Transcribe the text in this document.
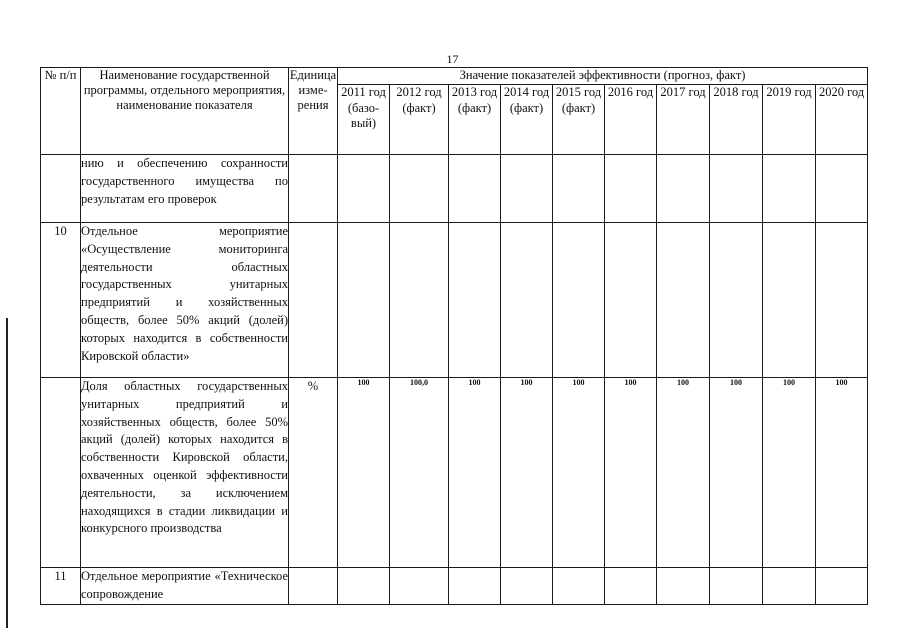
17
№ п/п	Наименование государственной программы, отдельного мероприятия, наименование показателя	Единица изме-рения	Значение показателей эффективности (прогноз, факт)									
			2011 год (базо-вый)	2012 год (факт)	2013 год (факт)	2014 год (факт)	2015 год (факт)	2016 год	2017 год	2018 год	2019 год	2020 год
	нию и обеспечению сохранности государственного имущества по результатам его проверок											
10	Отдельное мероприятие «Осуществление мониторинга деятельности областных государственных унитарных предприятий и хозяйственных обществ, более 50% акций (долей) которых находится в собственности Кировской области»											
	Доля областных государственных унитарных предприятий и хозяйственных обществ, более 50% акций (долей) которых находится в собственности Кировской области, охваченных оценкой эффективности деятельности, за исключением находящихся в стадии ликвидации и конкурсного производства	%	100	100,0	100	100	100	100	100	100	100	100
11	Отдельное мероприятие «Техническое сопровождение											
